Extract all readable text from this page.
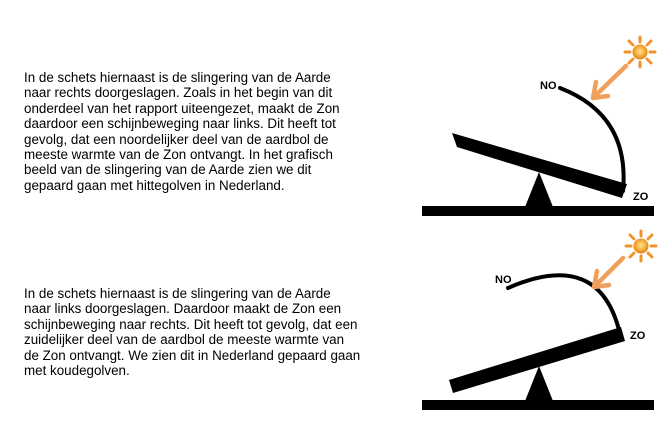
In de schets hiernaast is de slingering van de Aarde
naar rechts doorgeslagen. Zoals in het begin van dit
onderdeel van het rapport uiteengezet, maakt de Zon
daardoor een schijnbeweging naar links. Dit heeft tot
gevolg, dat een noordelijker deel van de aardbol de
meeste warmte van de Zon ontvangt. In het grafisch
beeld van de slingering van de Aarde zien we dit
gepaard gaan met hittegolven in Nederland.

In de schets hiernaast is de slingering van de Aarde
naar links doorgeslagen. Daardoor maakt de Zon een
schijnbeweging naar rechts. Dit heeft tot gevolg, dat een
zuidelijker deel van de aardbol de meeste warmte van
de Zon ontvangt. We zien dit in Nederland gepaard gaan
met koudegolven.

NO
ZO
NO
ZO
